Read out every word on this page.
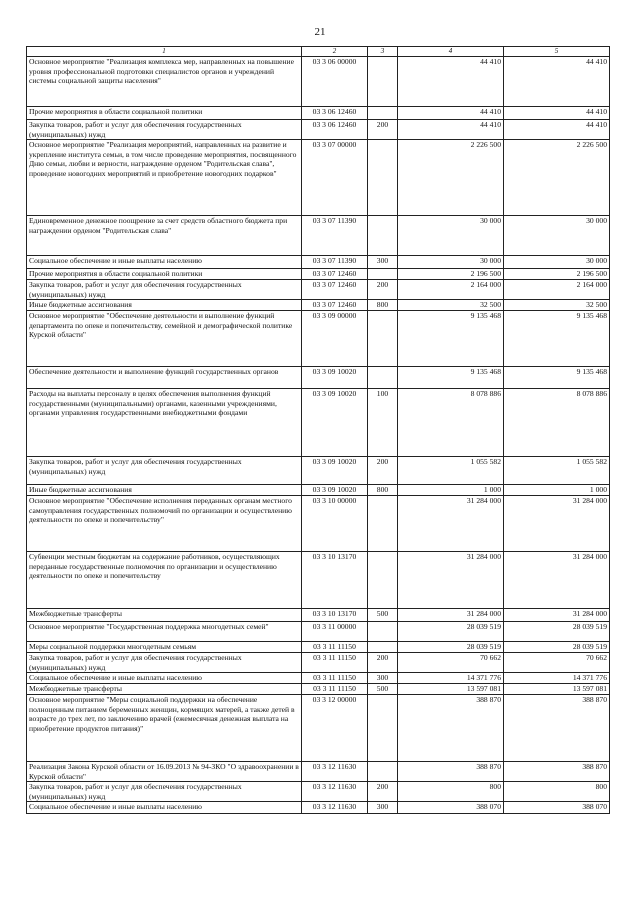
21
1	2	3	4	5
Основное мероприятие "Реализация комплекса мер, направленных на повышение уровня профессиональной подготовки специалистов органов и учреждений системы социальной защиты населения"	03 3 06 00000		44 410	44 410
Прочие мероприятия в области социальной политики	03 3 06 12460		44 410	44 410
Закупка товаров, работ и услуг для обеспечения государственных (муниципальных) нужд	03 3 06 12460	200	44 410	44 410
Основное мероприятие "Реализация мероприятий, направленных на развитие и укрепление института семьи, в том числе проведение мероприятия, посвященного Дню семьи, любви и верности, награждение орденом "Родительская слава", проведение новогодних мероприятий и приобретение новогодних подарков"	03 3 07 00000		2 226 500	2 226 500
Единовременное денежное поощрение за счет средств областного бюджета при награждении орденом "Родительская слава"	03 3 07 11390		30 000	30 000
Социальное обеспечение и иные выплаты населению	03 3 07 11390	300	30 000	30 000
Прочие мероприятия в области социальной политики	03 3 07 12460		2 196 500	2 196 500
Закупка товаров, работ и услуг для обеспечения государственных (муниципальных) нужд	03 3 07 12460	200	2 164 000	2 164 000
Иные бюджетные ассигнования	03 3 07 12460	800	32 500	32 500
Основное мероприятие "Обеспечение деятельности и выполнение функций департамента по опеке и попечительству, семейной и демографической политике Курской области"	03 3 09 00000		9 135 468	9 135 468
Обеспечение деятельности и выполнение функций государственных органов	03 3 09 10020		9 135 468	9 135 468
Расходы на выплаты персоналу в целях обеспечения выполнения функций государственными (муниципальными) органами, казенными учреждениями, органами управления государственными внебюджетными фондами	03 3 09 10020	100	8 078 886	8 078 886
Закупка товаров, работ и услуг для обеспечения государственных (муниципальных) нужд	03 3 09 10020	200	1 055 582	1 055 582
Иные бюджетные ассигнования	03 3 09 10020	800	1 000	1 000
Основное мероприятие "Обеспечение исполнения переданных органам местного самоуправления государственных полномочий по организации и осуществлению деятельности по опеке и попечительству"	03 3 10 00000		31 284 000	31 284 000
Субвенции местным бюджетам на содержание работников, осуществляющих переданные государственные полномочия по организации и осуществлению деятельности по опеке и попечительству	03 3 10 13170		31 284 000	31 284 000
Межбюджетные трансферты	03 3 10 13170	500	31 284 000	31 284 000
Основное мероприятие "Государственная поддержка многодетных семей"	03 3 11 00000		28 039 519	28 039 519
Меры социальной поддержки многодетным семьям	03 3 11 11150		28 039 519	28 039 519
Закупка товаров, работ и услуг для обеспечения государственных (муниципальных) нужд	03 3 11 11150	200	70 662	70 662
Социальное обеспечение и иные выплаты населению	03 3 11 11150	300	14 371 776	14 371 776
Межбюджетные трансферты	03 3 11 11150	500	13 597 081	13 597 081
Основное мероприятие "Меры социальной поддержки на обеспечение полноценным питанием беременных женщин, кормящих матерей, а также детей в возрасте до трех лет, по заключению врачей (ежемесячная денежная выплата на приобретение продуктов питания)"	03 3 12 00000		388 870	388 870
Реализация Закона Курской области от 16.09.2013 № 94-ЗКО "О здравоохранении в Курской области"	03 3 12 11630		388 870	388 870
Закупка товаров, работ и услуг для обеспечения государственных (муниципальных) нужд	03 3 12 11630	200	800	800
Социальное обеспечение и иные выплаты населению	03 3 12 11630	300	388 070	388 070
